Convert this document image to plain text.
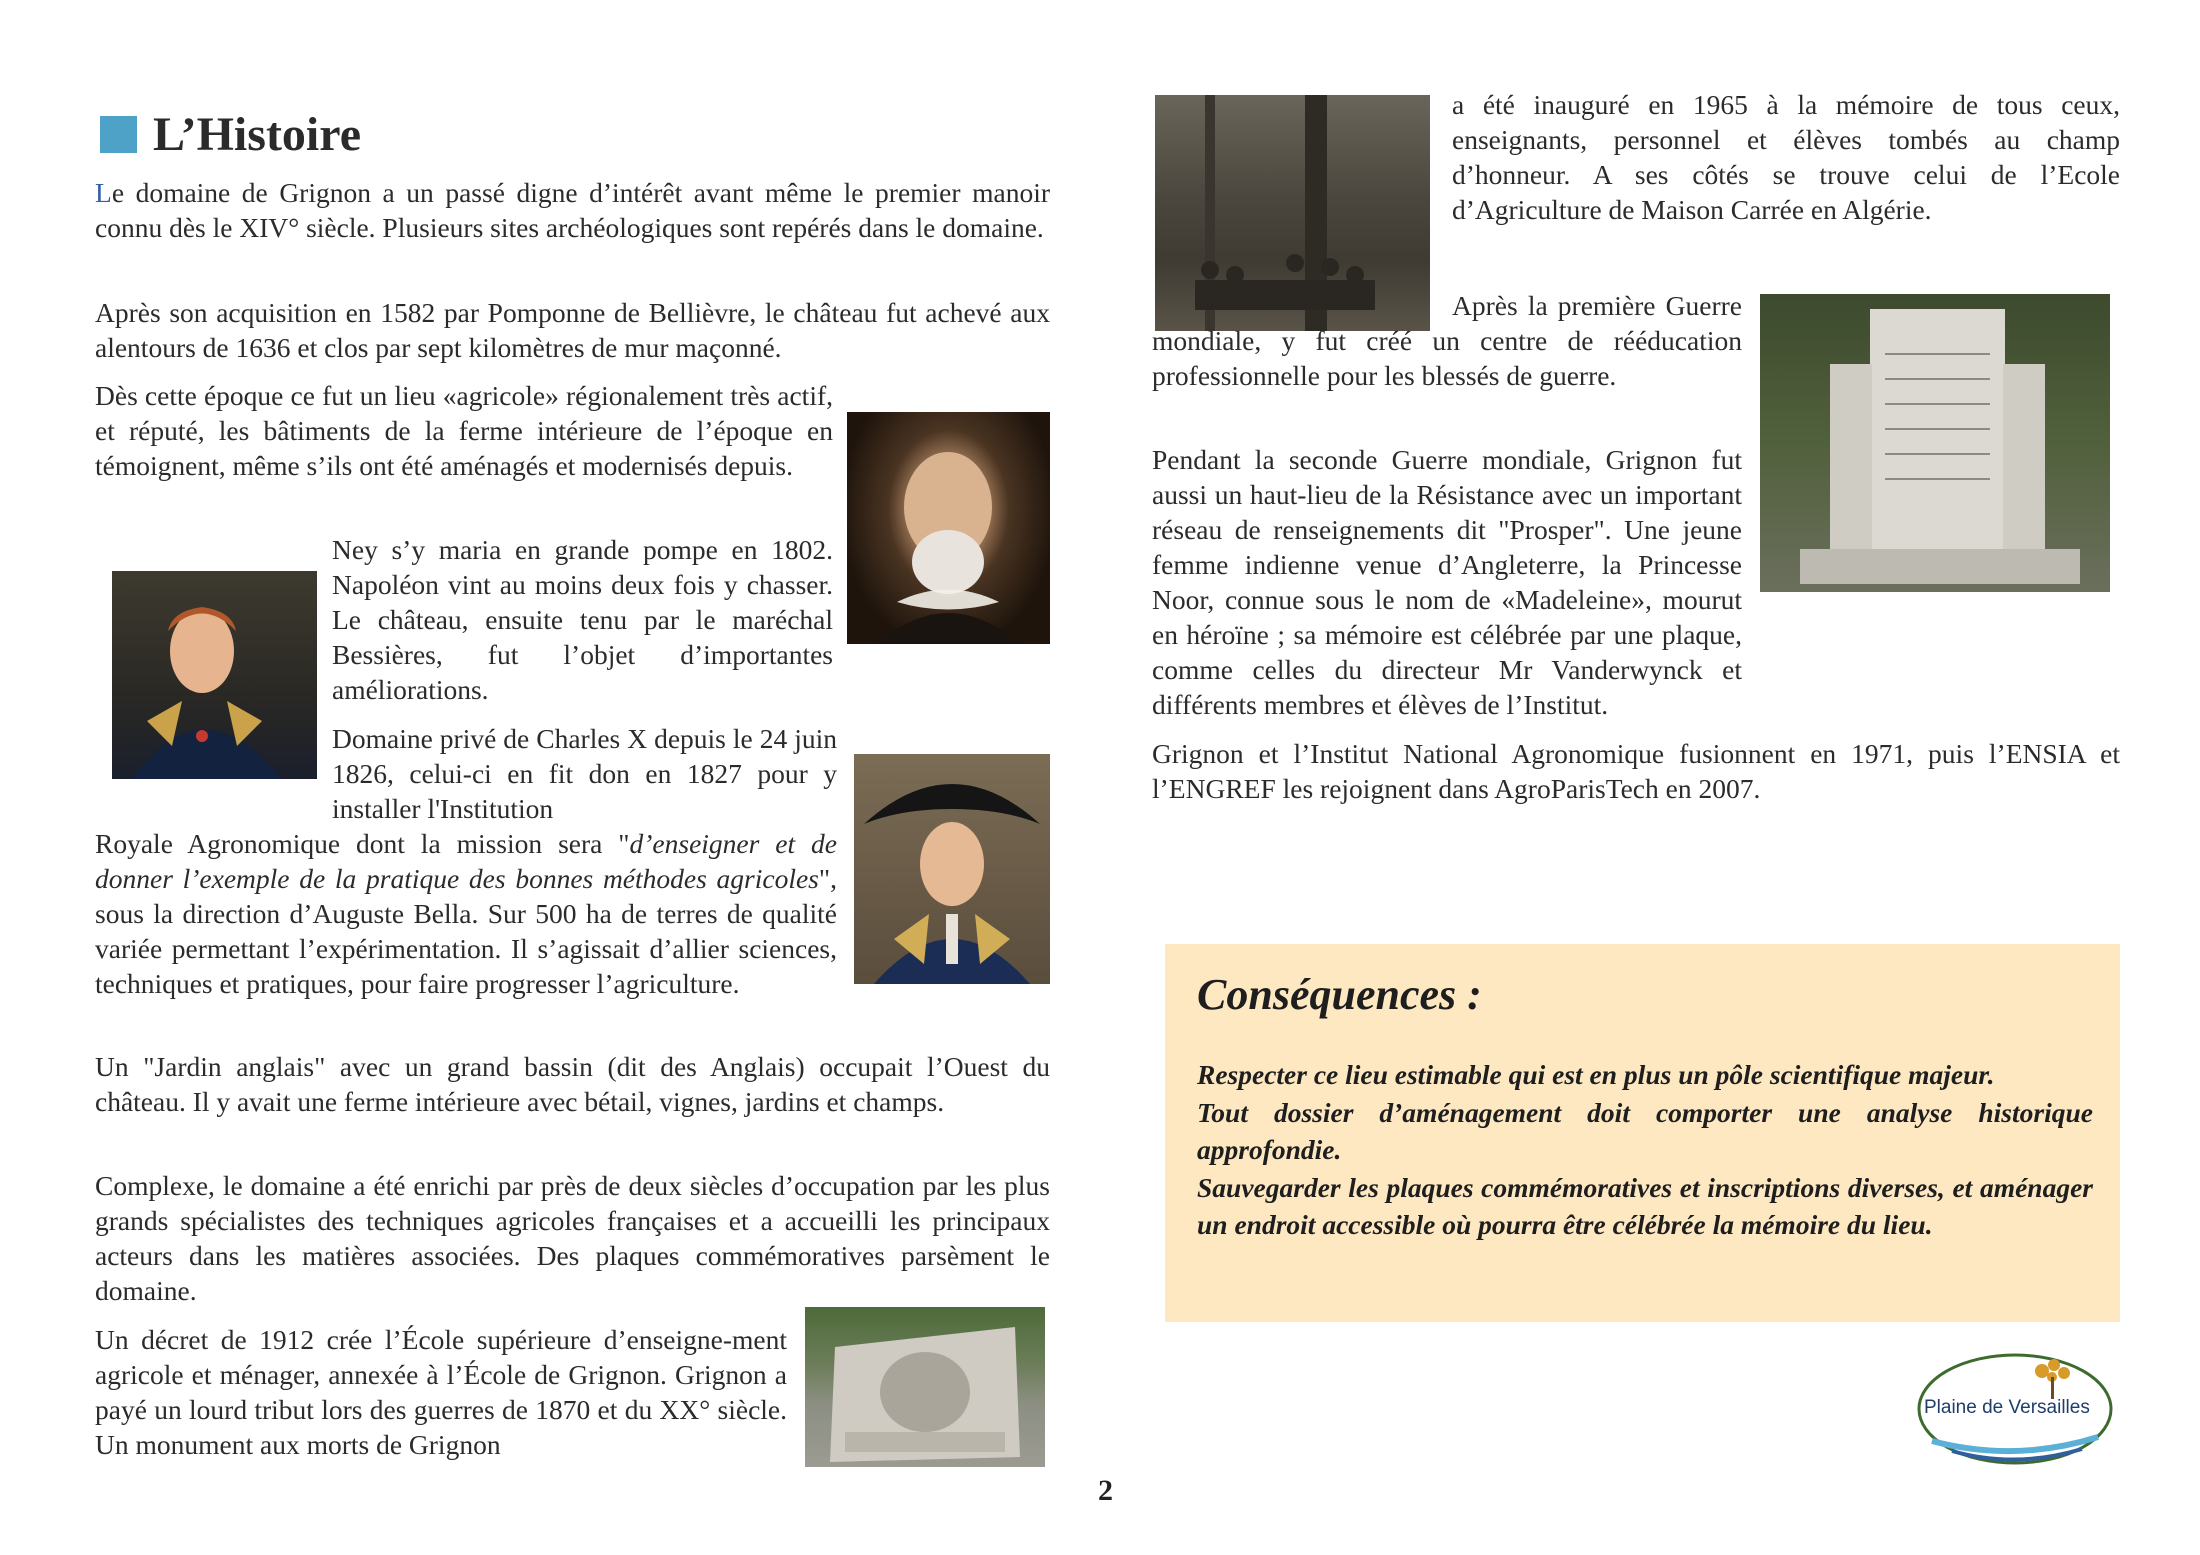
L’Histoire

Le domaine de Grignon a un passé digne d’intérêt avant même le premier manoir connu dès le XIV° siècle. Plusieurs sites archéologiques sont repérés dans le domaine.

Après son acquisition en 1582 par Pomponne de Bellièvre, le château fut achevé aux alentours de 1636 et clos par sept kilomètres de mur maçonné.
Dès cette époque ce fut un lieu «agricole» régionalement très actif, et réputé, les bâtiments de la ferme intérieure de l’époque en témoignent, même s’ils ont été aménagés et modernisés depuis.
Ney s’y maria en grande pompe en 1802. Napoléon vint au moins deux fois y chasser. Le château, ensuite tenu par le maréchal Bessières, fut l’objet d’importantes améliorations.
Domaine privé de Charles X depuis le 24 juin 1826, celui-ci en fit don en 1827 pour y installer l'Institution

Royale Agronomique dont la mission sera "d’enseigner et de donner l’exemple de la pratique des bonnes méthodes agricoles", sous la direction d’Auguste Bella. Sur 500 ha de terres de qualité variée permettant l’expérimentation. Il s’agissait d’allier sciences, techniques et pratiques, pour faire progresser l’agriculture.

Un "Jardin anglais" avec un grand bassin (dit des Anglais) occupait l’Ouest du château. Il y avait une ferme intérieure avec bétail, vignes, jardins et champs.
Complexe, le domaine a été enrichi par près de deux siècles d’occupation par les plus grands spécialistes des techniques agricoles françaises et a accueilli les principaux acteurs dans les matières associées. Des plaques commémoratives parsèment le domaine.
Un décret de 1912 crée l’École supérieure d’enseigne-ment agricole et ménager, annexée à l’École de Grignon. Grignon a payé un lourd tribut lors des guerres de 1870 et du XX° siècle. Un monument aux morts de Grignon
a été inauguré en 1965 à la mémoire de tous ceux, enseignants, personnel et élèves tombés au champ d’honneur. A ses côtés se trouve celui de l’Ecole d’Agriculture de Maison Carrée en Algérie.
Après la première Guerre mondiale, y fut créé un centre de rééducation professionnelle pour les blessés de guerre.
Pendant la seconde Guerre mondiale, Grignon fut aussi un haut-lieu de la Résistance avec un important réseau de renseignements dit "Prosper". Une jeune femme indienne venue d’Angleterre, la Princesse Noor, connue sous le nom de «Madeleine», mourut en héroïne ; sa mémoire est célébrée par une plaque, comme celles du directeur Mr Vanderwynck et différents membres et élèves de l’Institut.
Grignon et l’Institut National Agronomique fusionnent en 1971, puis l’ENSIA et l’ENGREF les rejoignent dans AgroParisTech en 2007.
Conséquences :

Respecter ce lieu estimable qui est en plus un pôle scientifique majeur.

Tout dossier d’aménagement doit comporter une analyse historique approfondie.

Sauvegarder les plaques commémoratives et inscriptions diverses, et aménager un endroit accessible où pourra être célébrée la mémoire du lieu.

2
Plaine de Versailles
